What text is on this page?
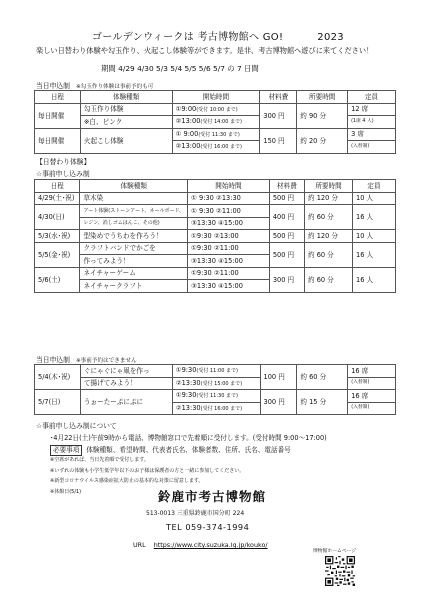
ゴールデンウィークは 考古博物館へ GO!	2023
楽しい日替わり体験や勾玉作り、火起こし体験等ができます。是非、考古博物館へ遊びに来てください！
期間 4/29 4/30 5/3 5/4 5/5 5/6 5/7 の 7 日間
当日申込制 ※勾玉作り体験は事前予約も可
日程	体験種類	開始時間	材料費	所要時間	定員
毎日開催	勾玉作り体験	①9:00(受付 10:00 まで)	300 円	約 90 分	12 席
	※白、ピンク	②13:00(受付 14:00 まで)			(1席 4 人)
毎日開催	火起こし体験	① 9:00(受付 11:30 まで)	150 円	約 20 分	3 席
		②13:00(受付 16:00 まで)			(入替制)
【日替わり体験】
☆事前申し込み制
日程	体験種類	開始時間	材料費	所要時間	定員
4/29(土･祝)	草木染	① 9:30 ②13:30	500 円	約 120 分	10 人
4/30(日)	アート体験(ストーンアート、ネールボード、	① 9:30 ②11:00	400 円	約 60 分	16 人
	レジン、消しゴムはんこ、その他)	③13:30 ④15:00			
5/3(水･祝)	型染めでうちわを作ろう！	①9:30 ②13:00	500 円	約 120 分	10 人
5/5(金･祝)	クラフトバンドでかごを	①9:30 ②11:00	500 円	約 60 分	16 人
	作ってみよう！	③13:30 ④15:00			
5/6(土)	ネイチャーゲーム	①9:30 ②11:00	300 円	約 60 分	16 人
	ネイチャークラフト	③13:30 ④15:00			
当日申込制 ※事前予約はできません
5/4(木･祝)	ぐにゃぐにゃ凧を作っ	①9:30(受付 11:00 まで)	100 円	約 60 分	16 席
	て揚げてみよう！	②13:30(受付 15:00 まで)			(入替制)
5/7(日)	うぉーたーぷにぷに	①9:30(受付 11:30 まで)	300 円	約 15 分	16 席
		②13:30(受付 16:00 まで)			(入替制)
☆事前申し込み制について
･4月22日(土)午前9時から電話、博物館窓口で先着順に受付します。(受付時間 9:00～17:00)
必要事項 体験種類、希望時間、代表者氏名、体験者数、住所、氏名、電話番号
※空席があれば、当日先着順で受付します。
※いずれの体験も小学生低学年以下のお子様は保護者の方と一緒に参加してください。
※新型コロナウイルス感染症拡大防止の基本的な対策に留意します。
※休館日(5/1)	鈴鹿市考古博物館
513-0013 三重県鈴鹿市国分町 224
TEL 059-374-1994
URL https://www.city.suzuka.lg.jp/kouko/
博物館ホームページ
